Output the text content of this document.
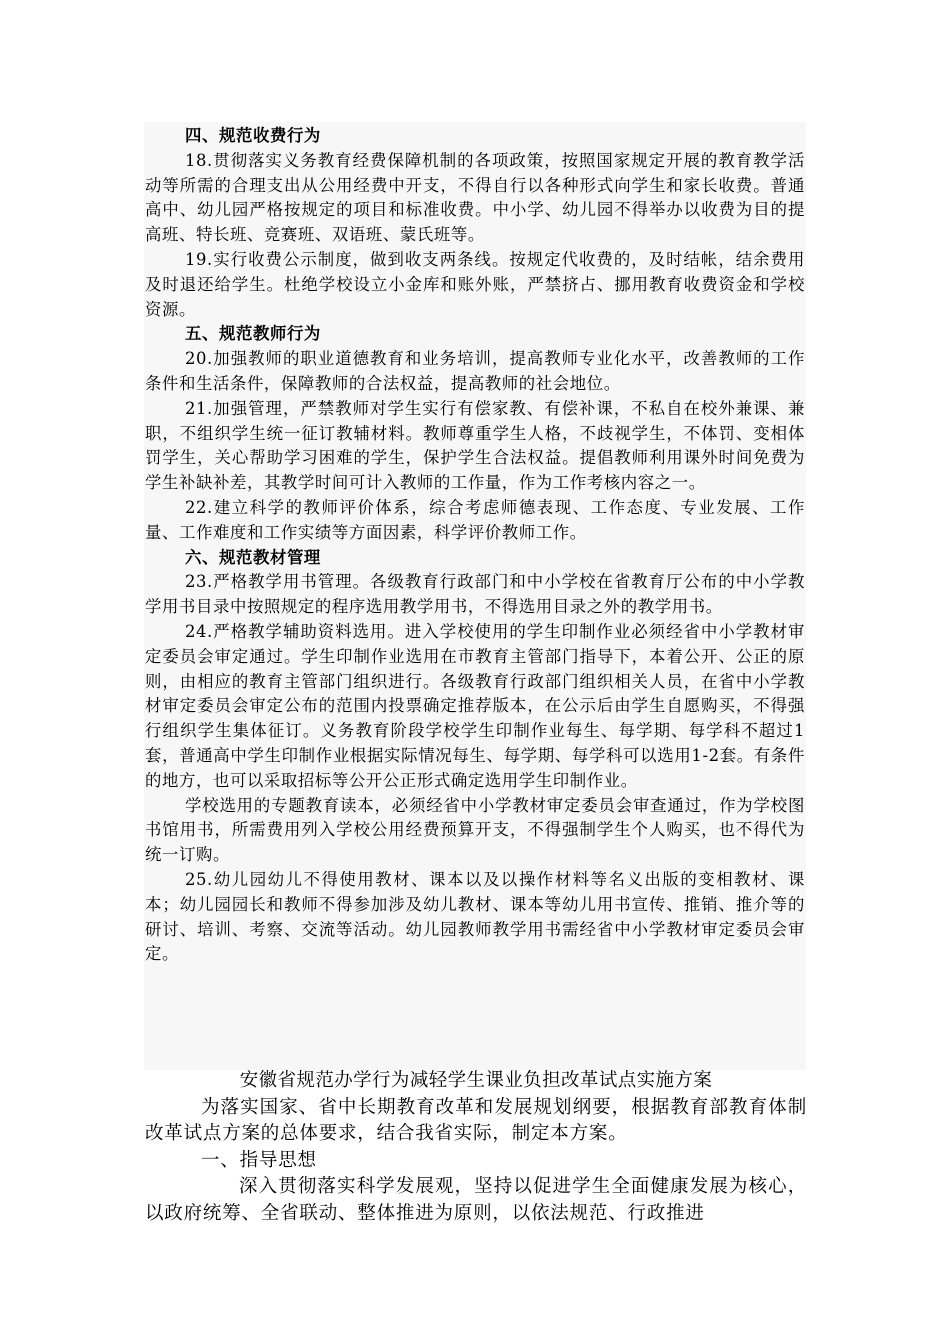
四、规范收费行为

18.贯彻落实义务教育经费保障机制的各项政策，按照国家规定开展的教育教学活动等所需的合理支出从公用经费中开支，不得自行以各种形式向学生和家长收费。普通高中、幼儿园严格按规定的项目和标准收费。中小学、幼儿园不得举办以收费为目的提高班、特长班、竞赛班、双语班、蒙氏班等。

19.实行收费公示制度，做到收支两条线。按规定代收费的，及时结帐，结余费用及时退还给学生。杜绝学校设立小金库和账外账，严禁挤占、挪用教育收费资金和学校资源。

五、规范教师行为

20.加强教师的职业道德教育和业务培训，提高教师专业化水平，改善教师的工作条件和生活条件，保障教师的合法权益，提高教师的社会地位。

21.加强管理，严禁教师对学生实行有偿家教、有偿补课，不私自在校外兼课、兼职，不组织学生统一征订教辅材料。教师尊重学生人格，不歧视学生，不体罚、变相体罚学生，关心帮助学习困难的学生，保护学生合法权益。提倡教师利用课外时间免费为学生补缺补差，其教学时间可计入教师的工作量，作为工作考核内容之一。

22.建立科学的教师评价体系，综合考虑师德表现、工作态度、专业发展、工作量、工作难度和工作实绩等方面因素，科学评价教师工作。

六、规范教材管理

23.严格教学用书管理。各级教育行政部门和中小学校在省教育厅公布的中小学教学用书目录中按照规定的程序选用教学用书，不得选用目录之外的教学用书。

24.严格教学辅助资料选用。进入学校使用的学生印制作业必须经省中小学教材审定委员会审定通过。学生印制作业选用在市教育主管部门指导下，本着公开、公正的原则，由相应的教育主管部门组织进行。各级教育行政部门组织相关人员，在省中小学教材审定委员会审定公布的范围内投票确定推荐版本，在公示后由学生自愿购买，不得强行组织学生集体征订。义务教育阶段学校学生印制作业每生、每学期、每学科不超过1套，普通高中学生印制作业根据实际情况每生、每学期、每学科可以选用1-2套。有条件的地方，也可以采取招标等公开公正形式确定选用学生印制作业。

学校选用的专题教育读本，必须经省中小学教材审定委员会审查通过，作为学校图书馆用书，所需费用列入学校公用经费预算开支，不得强制学生个人购买，也不得代为统一订购。

25.幼儿园幼儿不得使用教材、课本以及以操作材料等名义出版的变相教材、课本；幼儿园园长和教师不得参加涉及幼儿教材、课本等幼儿用书宣传、推销、推介等的研讨、培训、考察、交流等活动。幼儿园教师教学用书需经省中小学教材审定委员会审定。

安徽省规范办学行为减轻学生课业负担改革试点实施方案

为落实国家、省中长期教育改革和发展规划纲要，根据教育部教育体制改革试点方案的总体要求，结合我省实际，制定本方案。

一、指导思想

深入贯彻落实科学发展观，坚持以促进学生全面健康发展为核心，以政府统筹、全省联动、整体推进为原则，以依法规范、行政推进
